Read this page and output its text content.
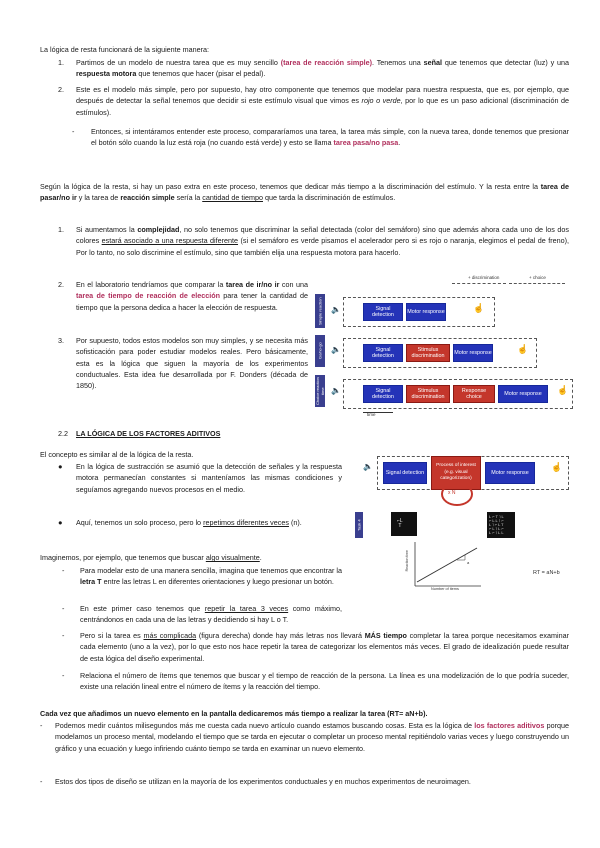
La lógica de resta funcionará de la siguiente manera:
1. Partimos de un modelo de nuestra tarea que es muy sencillo (tarea de reacción simple). Tenemos una señal que tenemos que detectar (luz) y una respuesta motora que tenemos que hacer (pisar el pedal).
2. Este es el modelo más simple, pero por supuesto, hay otro componente que tenemos que modelar para nuestra respuesta, que es, por ejemplo, que después de detectar la señal tenemos que decidir si este estímulo visual que vimos es rojo o verde, por lo que es un paso adicional (discriminación de estímulos).
- Entonces, si intentáramos entender este proceso, compararíamos una tarea, la tarea más simple, con la nueva tarea, donde tenemos que presionar el botón sólo cuando la luz está roja (no cuando está verde) y esto se llama tarea pasa/no pasa.
Según la lógica de la resta, si hay un paso extra en este proceso, tenemos que dedicar más tiempo a la discriminación del estímulo. Y la resta entre la tarea de pasar/no ir y la tarea de reacción simple sería la cantidad de tiempo que tarda la discriminación de estímulos.
1. Si aumentamos la complejidad, no solo tenemos que discriminar la señal detectada (color del semáforo) sino que además ahora cada uno de los dos colores estará asociado a una respuesta diferente (si el semáforo es verde pisamos el acelerador pero si es rojo o naranja, elegimos el pedal de freno), Por lo tanto, no solo discrimine el estímulo, sino que también elija una respuesta motora para hacerlo.
2. En el laboratorio tendríamos que comparar la tarea de ir/no ir con una tarea de tiempo de reacción de elección para tener la cantidad de tiempo que la persona dedica a hacer la elección de respuesta.
3. Por supuesto, todos estos modelos son muy simples, y se necesita más sofisticación para poder estudiar modelos reales. Pero básicamente, esta es la lógica que siguen la mayoría de los experimentos conductuales. Esta idea fue desarrollada por F. Donders (década de 1850).
+ discrimination	+ choice
Simple reaction	🔈	Signal detection
Motor response	☝
Go/no-go	🔈	Signal detection
Stimulus discrimination
Motor response	☝
Choice reaction time 🔈	Signal detection
Stimulus discrimination
Response choice
Motor response	☝
time
2.2 LA LÓGICA DE LOS FACTORES ADITIVOS
El concepto es similar al de la lógica de la resta.
● En la lógica de sustracción se asumió que la detección de señales y la respuesta motora permanecían constantes si manteníamos las mismas condiciones y seguíamos agregando nuevos procesos en el medio.
● Aquí, tenemos un solo proceso, pero lo repetimos diferentes veces (n).
Imaginemos, por ejemplo, que tenemos que buscar algo visualmente.
- Para modelar esto de una manera sencilla, imagina que tenemos que encontrar la letra T entre las letras L en diferentes orientaciones y luego presionar un botón.
- En este primer caso tenemos que repetir la tarea 3 veces como máximo, centrándonos en cada una de las letras y decidiendo si hay L o T.
- Pero si la tarea es más complicada (figura derecha) donde hay más letras nos llevará MÁS tiempo completar la tarea porque necesitamos examinar cada elemento (uno a la vez), por lo que esto nos hace repetir la tarea de categorizar los elementos más veces. El grado de idealización puede resultar de esta lógica del diseño experimental.
- Relaciona el número de ítems que tenemos que buscar y el tiempo de reacción de la persona. La línea es una modelización de lo que podría suceder, existe una relación lineal entre el número de ítems y la reacción del tiempo.
Task 4
🔈
Signal detection
Process of interest (e.g. visual categorization)
x N
Motor response
☝
⌐L
T
L⌐T˥L
⌐LL˥⌐
L˥⌐LT
⌐L˥L⌐
L⌐˥LL
Reaction time	a
Number of items
RT = aN+b
Cada vez que añadimos un nuevo elemento en la pantalla dedicaremos más tiempo a realizar la tarea (RT= aN+b).
- Podemos medir cuántos milisegundos más me cuesta cada nuevo artículo cuando estamos buscando cosas. Esta es la lógica de los factores aditivos porque modelamos un proceso mental, modelando el tiempo que se tarda en ejecutar o completar un proceso mental repitiéndolo varias veces y luego construyendo un gráfico y una ecuación y luego infiriendo cuánto tiempo se tarda en examinar un nuevo elemento.
- Estos dos tipos de diseño se utilizan en la mayoría de los experimentos conductuales y en muchos experimentos de neuroimagen.
